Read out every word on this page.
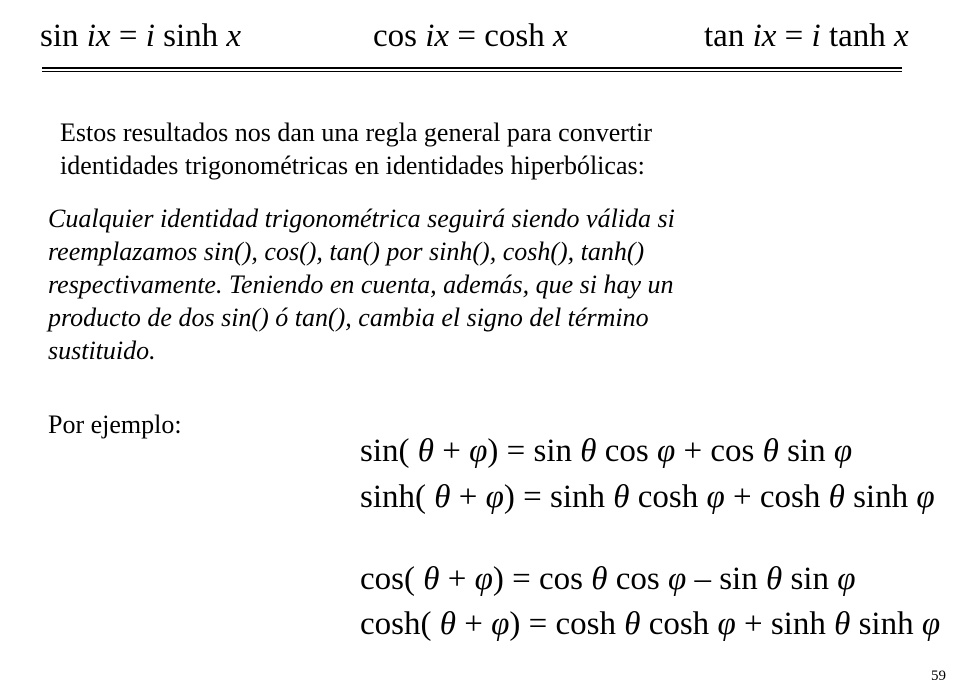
sin ix = i sinh x	cos ix = cosh x	tan ix = i tanh x
Estos resultados nos dan una regla general para convertir
identidades trigonométricas en identidades hiperbólicas:
Cualquier identidad trigonométrica seguirá siendo válida si
reemplazamos sin(), cos(), tan() por sinh(), cosh(), tanh()
respectivamente. Teniendo en cuenta, además, que si hay un
producto de dos sin() ó tan(), cambia el signo del término
sustituido.
Por ejemplo:
sin( θ + φ) = sin θ cos φ + cos θ sin φ
sinh( θ + φ) = sinh θ cosh φ + cosh θ sinh φ
cos( θ + φ) = cos θ cos φ – sin θ sin φ
cosh( θ + φ) = cosh θ cosh φ + sinh θ sinh φ
59
